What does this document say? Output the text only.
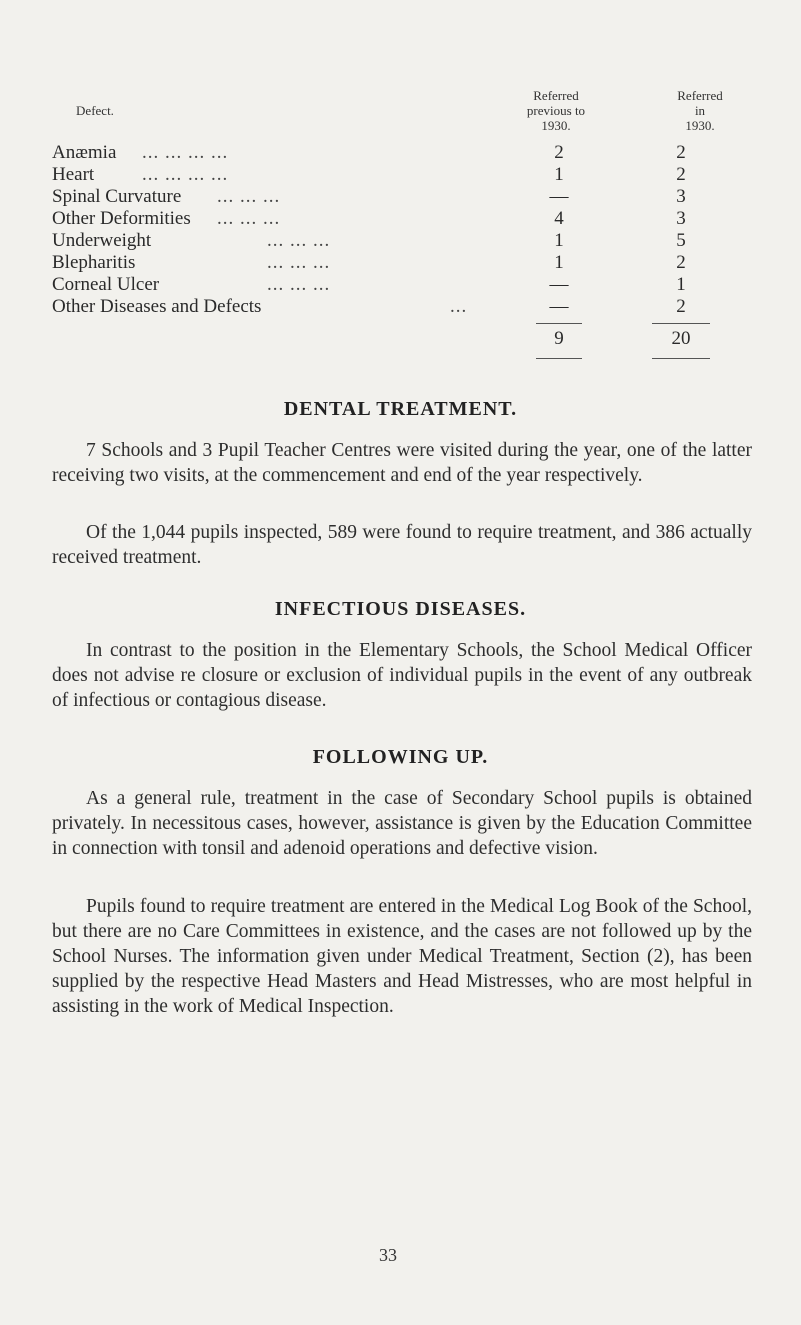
Defect.
Referred
previous to
1930.
Referred
in
1930.
Anæmia ... ... ... ...	2	2
Heart	... ... ... ...	1	2
Spinal Curvature ... ... ...	—	3
Other Deformities ... ... ...	4	3
Underweight	... ... ...	1	5
Blepharitis	... ... ...	1	2
Corneal Ulcer	... ... ...	—	1
Other Diseases and Defects	...	—	2
9	20
DENTAL TREATMENT.
7 Schools and 3 Pupil Teacher Centres were visited during the year, one of the latter receiving two visits, at the commencement and end of the year respectively.
Of the 1,044 pupils inspected, 589 were found to require treatment, and 386 actually received treatment.
INFECTIOUS DISEASES.
In contrast to the position in the Elementary Schools, the School Medical Officer does not advise re closure or exclusion of individual pupils in the event of any outbreak of infectious or contagious disease.
FOLLOWING UP.
As a general rule, treatment in the case of Secondary School pupils is obtained privately. In necessitous cases, however, assistance is given by the Education Committee in connection with tonsil and adenoid operations and defective vision.
Pupils found to require treatment are entered in the Medical Log Book of the School, but there are no Care Committees in existence, and the cases are not followed up by the School Nurses. The information given under Medical Treatment, Section (2), has been supplied by the respective Head Masters and Head Mistresses, who are most helpful in assisting in the work of Medical Inspection.
33
